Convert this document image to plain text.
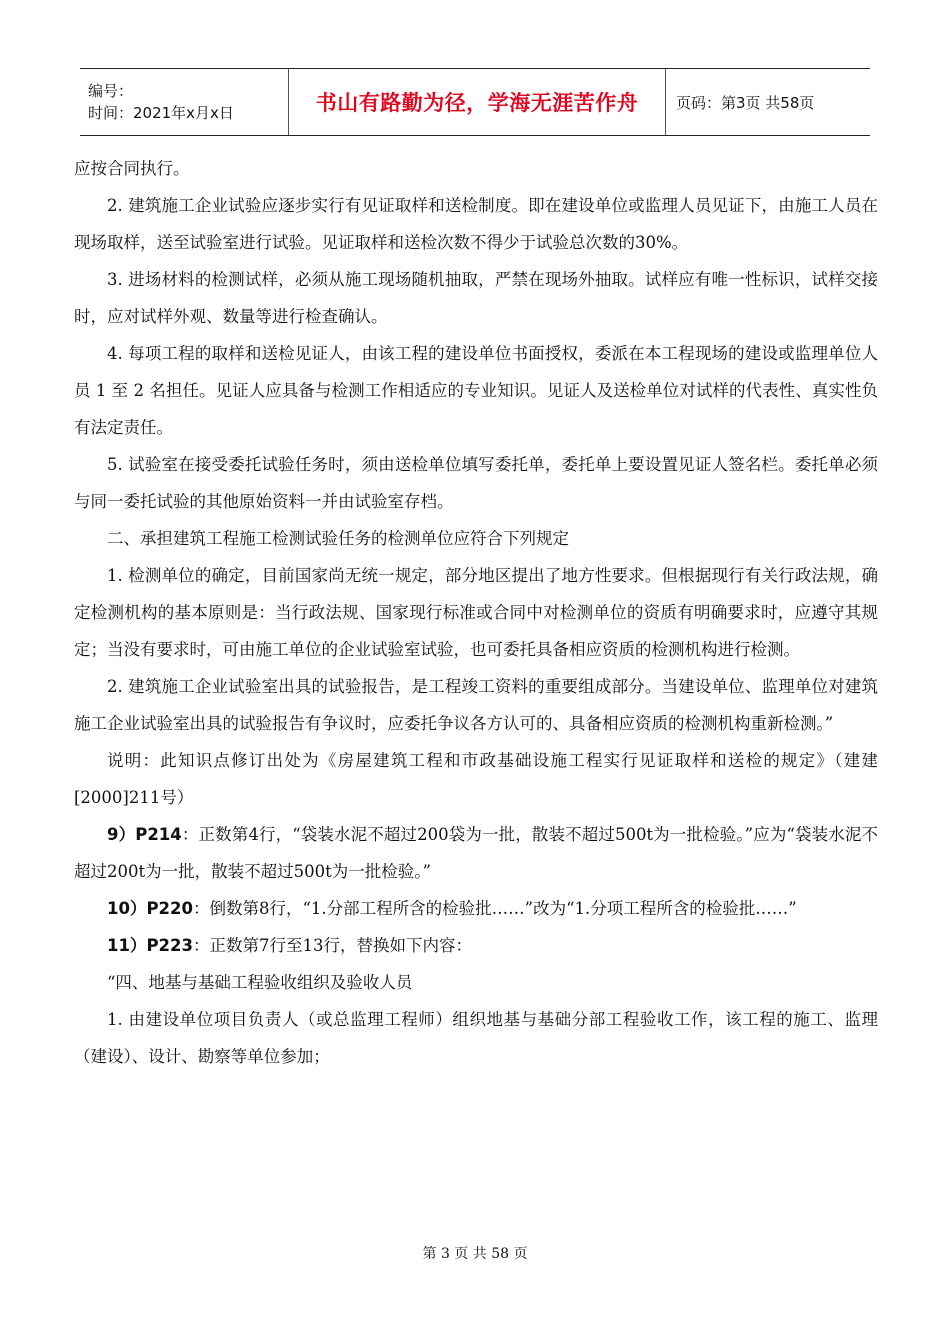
编号：
时间：2021年x月x日	书山有路勤为径，学海无涯苦作舟	页码：第3页 共58页

应按合同执行。

2. 建筑施工企业试验应逐步实行有见证取样和送检制度。即在建设单位或监理人员见证下，由施工人员在现场取样，送至试验室进行试验。见证取样和送检次数不得少于试验总次数的30%。

3. 进场材料的检测试样，必须从施工现场随机抽取，严禁在现场外抽取。试样应有唯一性标识，试样交接时，应对试样外观、数量等进行检查确认。

4. 每项工程的取样和送检见证人，由该工程的建设单位书面授权，委派在本工程现场的建设或监理单位人员 1 至 2 名担任。见证人应具备与检测工作相适应的专业知识。见证人及送检单位对试样的代表性、真实性负有法定责任。

5. 试验室在接受委托试验任务时，须由送检单位填写委托单，委托单上要设置见证人签名栏。委托单必须与同一委托试验的其他原始资料一并由试验室存档。

二、承担建筑工程施工检测试验任务的检测单位应符合下列规定

1. 检测单位的确定，目前国家尚无统一规定，部分地区提出了地方性要求。但根据现行有关行政法规，确定检测机构的基本原则是：当行政法规、国家现行标准或合同中对检测单位的资质有明确要求时，应遵守其规定；当没有要求时，可由施工单位的企业试验室试验，也可委托具备相应资质的检测机构进行检测。

2. 建筑施工企业试验室出具的试验报告，是工程竣工资料的重要组成部分。当建设单位、监理单位对建筑施工企业试验室出具的试验报告有争议时，应委托争议各方认可的、具备相应资质的检测机构重新检测。”

说明：此知识点修订出处为《房屋建筑工程和市政基础设施工程实行见证取样和送检的规定》（建建[2000]211号）

9）P214：正数第4行，“袋装水泥不超过200袋为一批，散装不超过500t为一批检验。”应为“袋装水泥不超过200t为一批，散装不超过500t为一批检验。”

10）P220：倒数第8行，“1.分部工程所含的检验批……”改为“1.分项工程所含的检验批……”

11）P223：正数第7行至13行，替换如下内容：

“四、地基与基础工程验收组织及验收人员

1. 由建设单位项目负责人（或总监理工程师）组织地基与基础分部工程验收工作，该工程的施工、监理（建设）、设计、勘察等单位参加；

第 3 页 共 58 页
